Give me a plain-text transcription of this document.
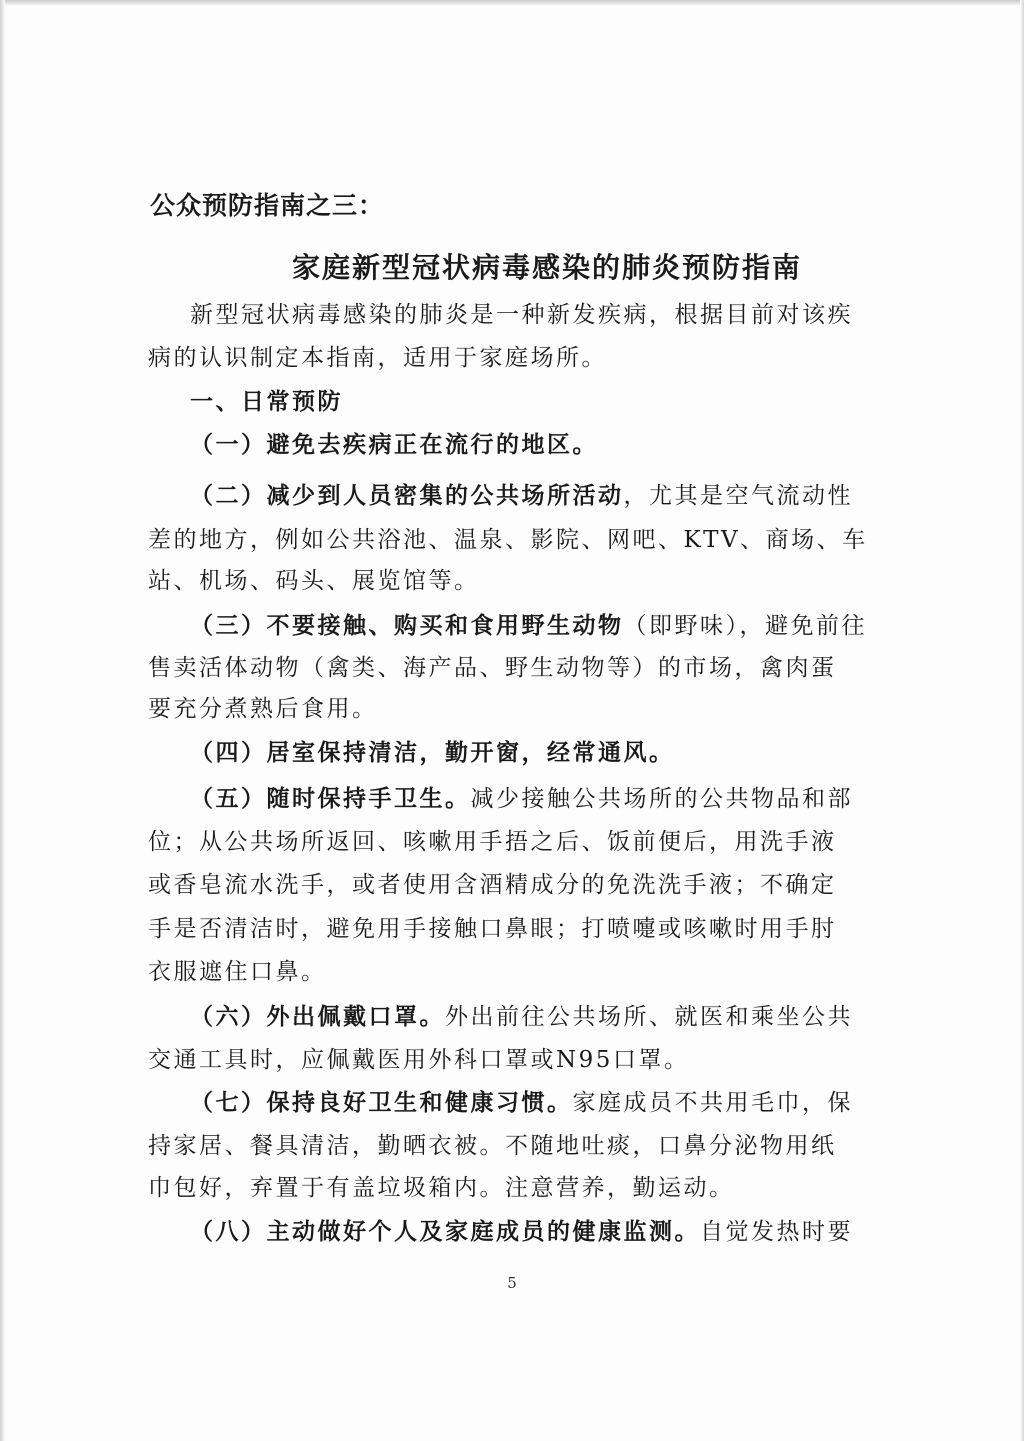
公众预防指南之三：
家庭新型冠状病毒感染的肺炎预防指南
新型冠状病毒感染的肺炎是一种新发疾病，根据目前对该疾
病的认识制定本指南，适用于家庭场所。
一、日常预防
（一）避免去疾病正在流行的地区。
（二）减少到人员密集的公共场所活动，尤其是空气流动性
差的地方，例如公共浴池、温泉、影院、网吧、KTV、商场、车
站、机场、码头、展览馆等。
（三）不要接触、购买和食用野生动物（即野味），避免前往
售卖活体动物（禽类、海产品、野生动物等）的市场，禽肉蛋
要充分煮熟后食用。
（四）居室保持清洁，勤开窗，经常通风。
（五）随时保持手卫生。减少接触公共场所的公共物品和部
位；从公共场所返回、咳嗽用手捂之后、饭前便后，用洗手液
或香皂流水洗手，或者使用含酒精成分的免洗洗手液；不确定
手是否清洁时，避免用手接触口鼻眼；打喷嚏或咳嗽时用手肘
衣服遮住口鼻。
（六）外出佩戴口罩。外出前往公共场所、就医和乘坐公共
交通工具时，应佩戴医用外科口罩或N95口罩。
（七）保持良好卫生和健康习惯。家庭成员不共用毛巾，保
持家居、餐具清洁，勤晒衣被。不随地吐痰，口鼻分泌物用纸
巾包好，弃置于有盖垃圾箱内。注意营养，勤运动。
（八）主动做好个人及家庭成员的健康监测。自觉发热时要
5
